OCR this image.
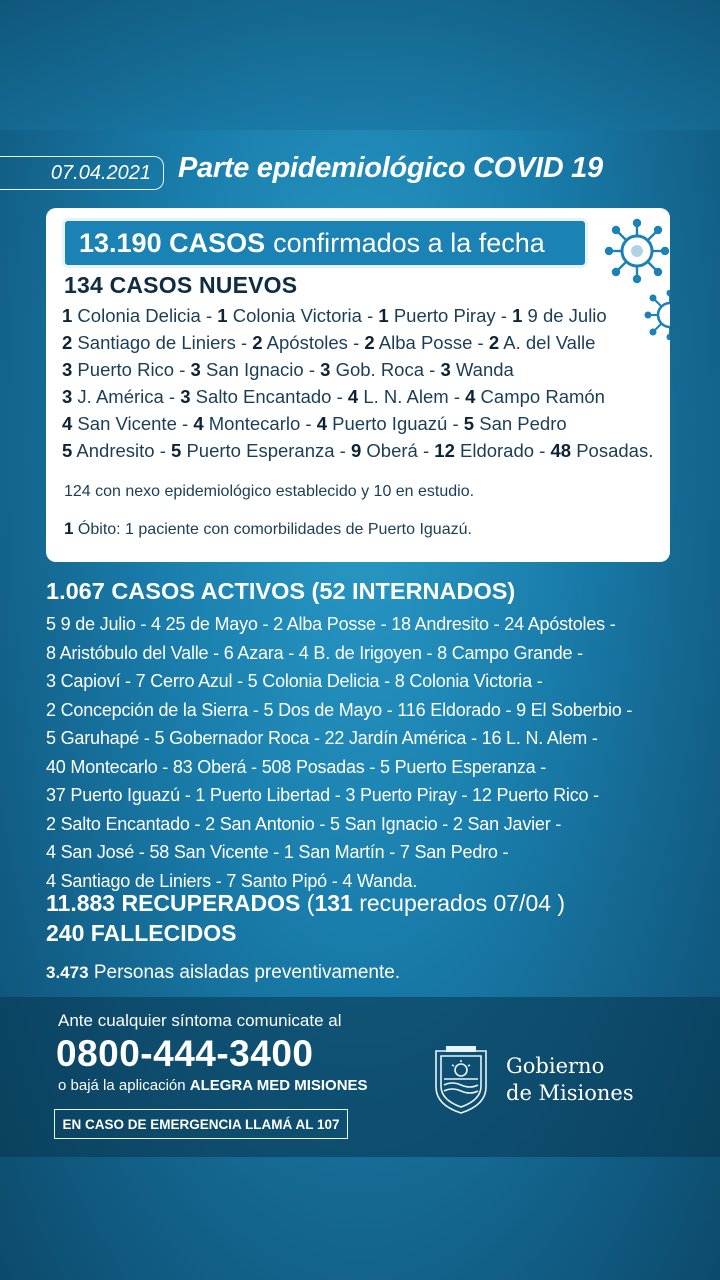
07.04.2021 Parte epidemiológico COVID 19
13.190 CASOS confirmados a la fecha
134 CASOS NUEVOS
1 Colonia Delicia - 1 Colonia Victoria - 1 Puerto Piray - 1 9 de Julio
2 Santiago de Liniers - 2 Apóstoles - 2 Alba Posse - 2 A. del Valle
3 Puerto Rico - 3 San Ignacio - 3 Gob. Roca - 3 Wanda
3 J. América - 3 Salto Encantado - 4 L. N. Alem - 4 Campo Ramón
4 San Vicente - 4 Montecarlo - 4 Puerto Iguazú - 5 San Pedro
5 Andresito - 5 Puerto Esperanza - 9 Oberá - 12 Eldorado - 48 Posadas.
124 con nexo epidemiológico establecido y 10 en estudio.
1 Óbito: 1 paciente con comorbilidades de Puerto Iguazú.
1.067 CASOS ACTIVOS (52 INTERNADOS)
5 9 de Julio - 4 25 de Mayo - 2 Alba Posse - 18 Andresito - 24 Apóstoles -
8 Aristóbulo del Valle - 6 Azara - 4 B. de Irigoyen - 8 Campo Grande -
3 Capioví - 7 Cerro Azul - 5 Colonia Delicia - 8 Colonia Victoria -
2 Concepción de la Sierra - 5 Dos de Mayo - 116 Eldorado - 9 El Soberbio -
5 Garuhapé - 5 Gobernador Roca - 22 Jardín América - 16 L. N. Alem -
40 Montecarlo - 83 Oberá - 508 Posadas - 5 Puerto Esperanza -
37 Puerto Iguazú - 1 Puerto Libertad - 3 Puerto Piray - 12 Puerto Rico -
2 Salto Encantado - 2 San Antonio - 5 San Ignacio - 2 San Javier -
4 San José - 58 San Vicente - 1 San Martín - 7 San Pedro -
4 Santiago de Liniers - 7 Santo Pipó - 4 Wanda.
11.883 RECUPERADOS (131 recuperados 07/04 )
240 FALLECIDOS
3.473 Personas aisladas preventivamente.
Ante cualquier síntoma comunicate al
0800-444-3400
o bajá la aplicación ALEGRA MED MISIONES
EN CASO DE EMERGENCIA LLAMÁ AL 107
Gobierno
de Misiones
